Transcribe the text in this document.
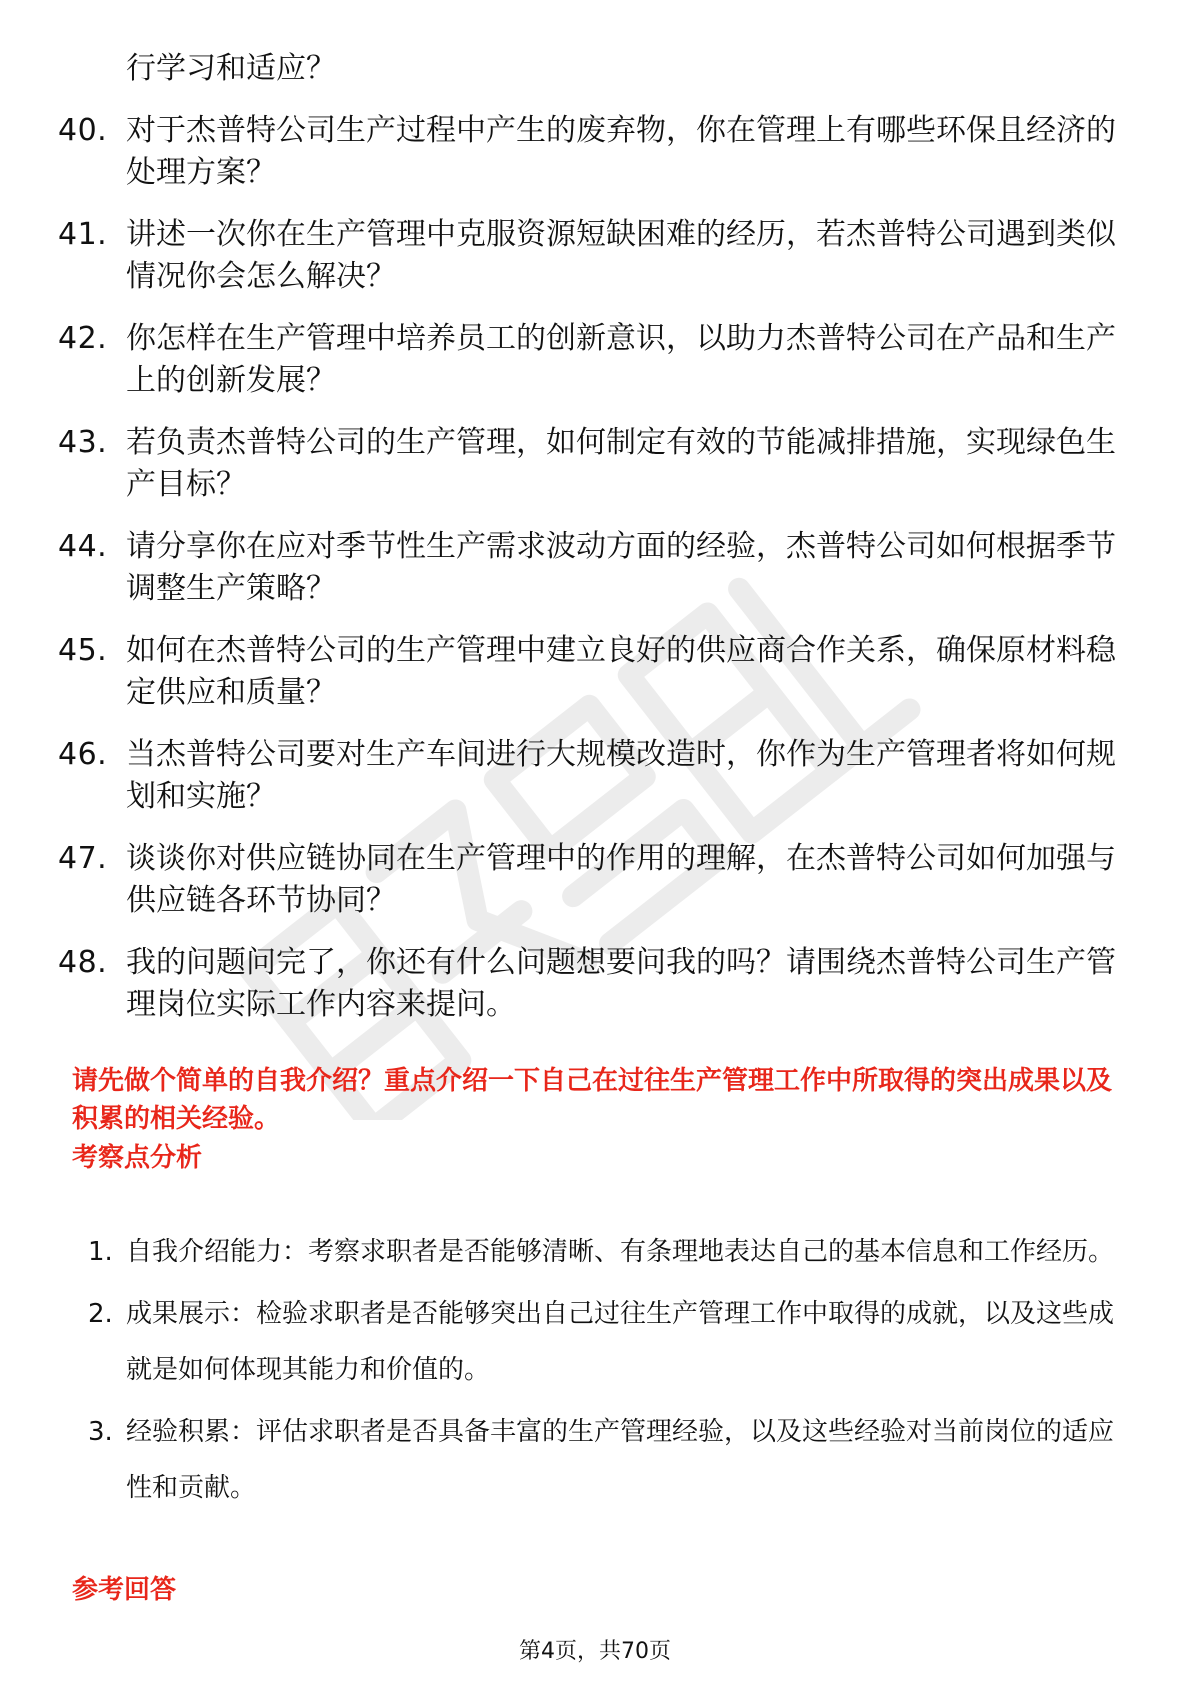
行学习和适应？
40. 对于杰普特公司生产过程中产生的废弃物，你在管理上有哪些环保且经济的处理方案？
41. 讲述一次你在生产管理中克服资源短缺困难的经历，若杰普特公司遇到类似情况你会怎么解决？
42. 你怎样在生产管理中培养员工的创新意识，以助力杰普特公司在产品和生产上的创新发展？
43. 若负责杰普特公司的生产管理，如何制定有效的节能减排措施，实现绿色生产目标？
44. 请分享你在应对季节性生产需求波动方面的经验，杰普特公司如何根据季节调整生产策略？
45. 如何在杰普特公司的生产管理中建立良好的供应商合作关系，确保原材料稳定供应和质量？
46. 当杰普特公司要对生产车间进行大规模改造时，你作为生产管理者将如何规划和实施？
47. 谈谈你对供应链协同在生产管理中的作用的理解，在杰普特公司如何加强与供应链各环节协同？
48. 我的问题问完了，你还有什么问题想要问我的吗？请围绕杰普特公司生产管理岗位实际工作内容来提问。
请先做个简单的自我介绍？重点介绍一下自己在过往生产管理工作中所取得的突出成果以及积累的相关经验。
考察点分析
1. 自我介绍能力：考察求职者是否能够清晰、有条理地表达自己的基本信息和工作经历。
2. 成果展示：检验求职者是否能够突出自己过往生产管理工作中取得的成就，以及这些成就是如何体现其能力和价值的。
3. 经验积累：评估求职者是否具备丰富的生产管理经验，以及这些经验对当前岗位的适应性和贡献。
参考回答
第4页，共70页
